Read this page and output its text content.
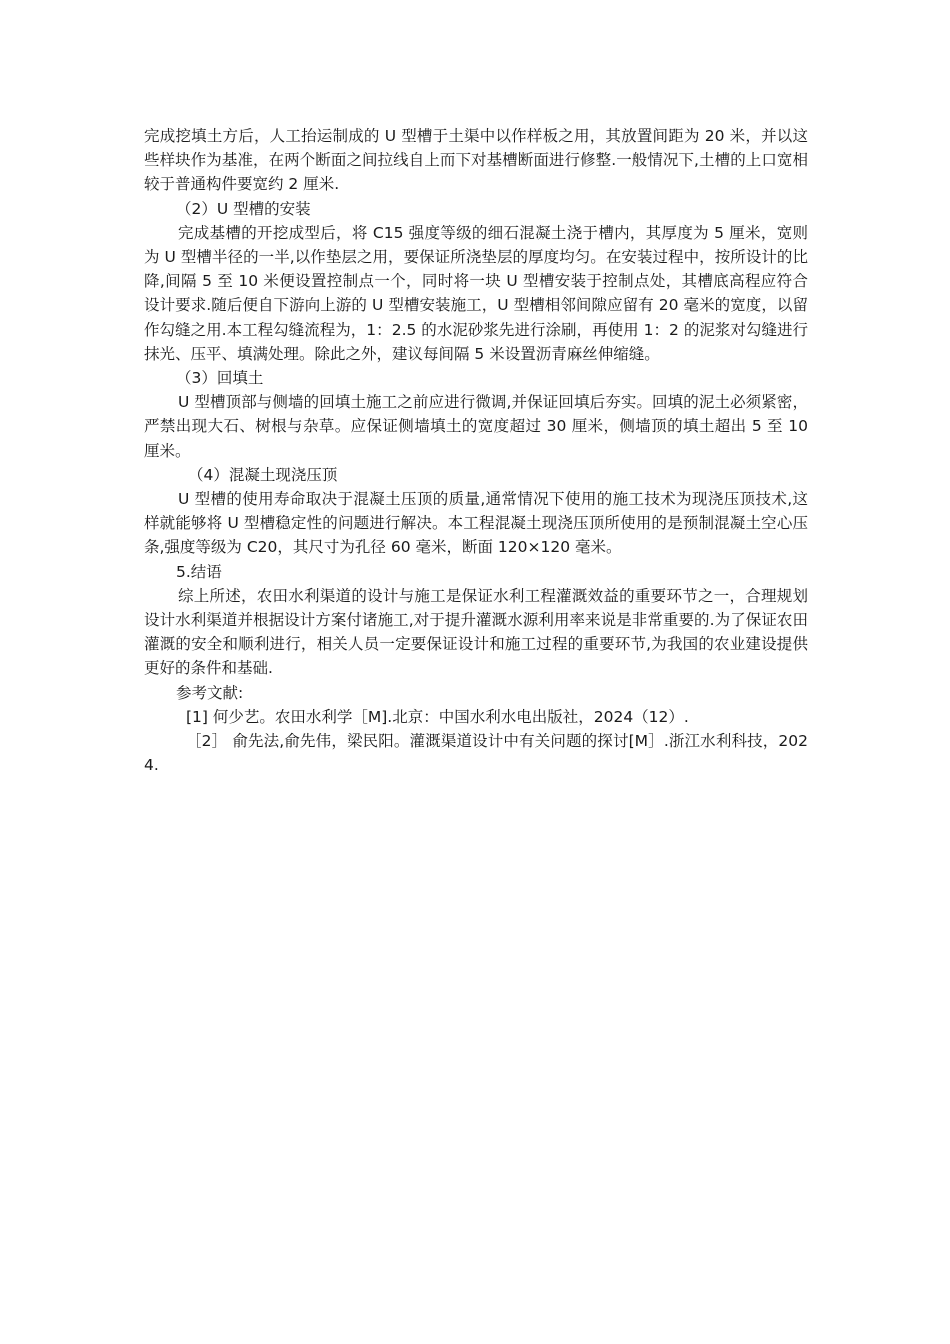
完成挖填土方后，人工抬运制成的 U 型槽于土渠中以作样板之用，其放置间距为 20 米，并以这些样块作为基准，在两个断面之间拉线自上而下对基槽断面进行修整.一般情况下,土槽的上口宽相较于普通构件要宽约 2 厘米.

（2）U 型槽的安装

完成基槽的开挖成型后，将 C15 强度等级的细石混凝土浇于槽内，其厚度为 5 厘米，宽则为 U 型槽半径的一半,以作垫层之用，要保证所浇垫层的厚度均匀。在安装过程中，按所设计的比降,间隔 5 至 10 米便设置控制点一个，同时将一块 U 型槽安装于控制点处，其槽底高程应符合设计要求.随后便自下游向上游的 U 型槽安装施工，U 型槽相邻间隙应留有 20 毫米的宽度，以留作勾缝之用.本工程勾缝流程为，1：2.5 的水泥砂浆先进行涂刷，再使用 1：2 的泥浆对勾缝进行抹光、压平、填满处理。除此之外，建议每间隔 5 米设置沥青麻丝伸缩缝。

（3）回填土

U 型槽顶部与侧墙的回填土施工之前应进行微调,并保证回填后夯实。回填的泥土必须紧密，严禁出现大石、树根与杂草。应保证侧墙填土的宽度超过 30 厘米，侧墙顶的填土超出 5 至 10 厘米。

（4）混凝土现浇压顶

U 型槽的使用寿命取决于混凝土压顶的质量,通常情况下使用的施工技术为现浇压顶技术,这样就能够将 U 型槽稳定性的问题进行解决。本工程混凝土现浇压顶所使用的是预制混凝土空心压条,强度等级为 C20，其尺寸为孔径 60 毫米，断面 120×120 毫米。

5.结语

综上所述，农田水利渠道的设计与施工是保证水利工程灌溉效益的重要环节之一，合理规划设计水利渠道并根据设计方案付诸施工,对于提升灌溉水源利用率来说是非常重要的.为了保证农田灌溉的安全和顺利进行，相关人员一定要保证设计和施工过程的重要环节,为我国的农业建设提供更好的条件和基础.

参考文献:

[1] 何少艺。农田水利学［M].北京：中国水利水电出版社，2024（12）.

［2］ 俞先法,俞先伟，梁民阳。灌溉渠道设计中有关问题的探讨[M］.浙江水利科技，2024.
